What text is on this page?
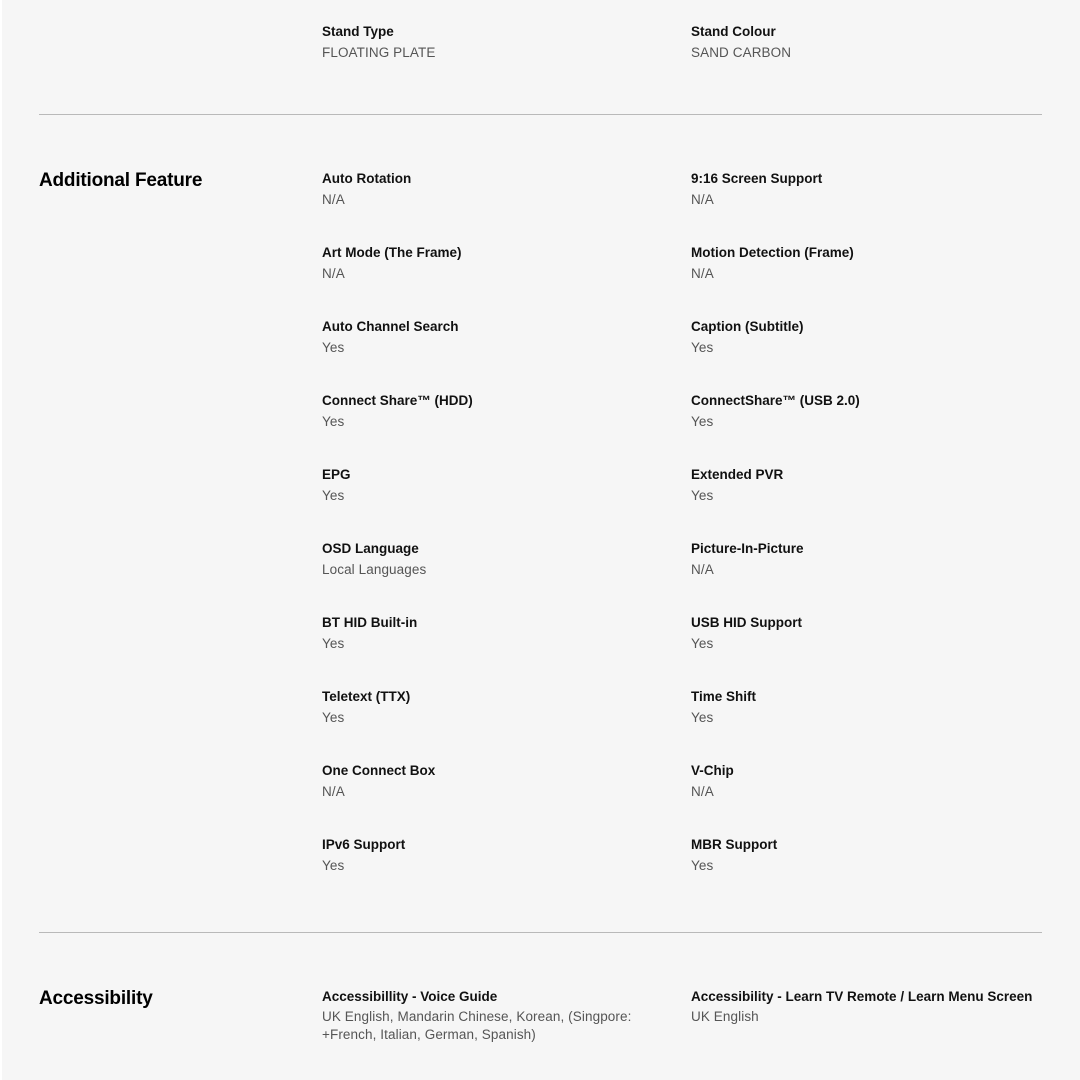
Stand Type
FLOATING PLATE
Stand Colour
SAND CARBON
Additional Feature	Auto Rotation
N/A
9:16 Screen Support
N/A
Art Mode (The Frame)
N/A
Motion Detection (Frame)
N/A
Auto Channel Search
Yes
Caption (Subtitle)
Yes
Connect Share™ (HDD)
Yes
ConnectShare™ (USB 2.0)
Yes
EPG
Yes
Extended PVR
Yes
OSD Language
Local Languages
Picture-In-Picture
N/A
BT HID Built-in
Yes
USB HID Support
Yes
Teletext (TTX)
Yes
Time Shift
Yes
One Connect Box
N/A
V-Chip
N/A
IPv6 Support
Yes
MBR Support
Yes
Accessibility	Accessibillity - Voice Guide
UK English, Mandarin Chinese, Korean, (Singpore: +French, Italian, German, Spanish)
Accessibility - Learn TV Remote / Learn Menu Screen
UK English
